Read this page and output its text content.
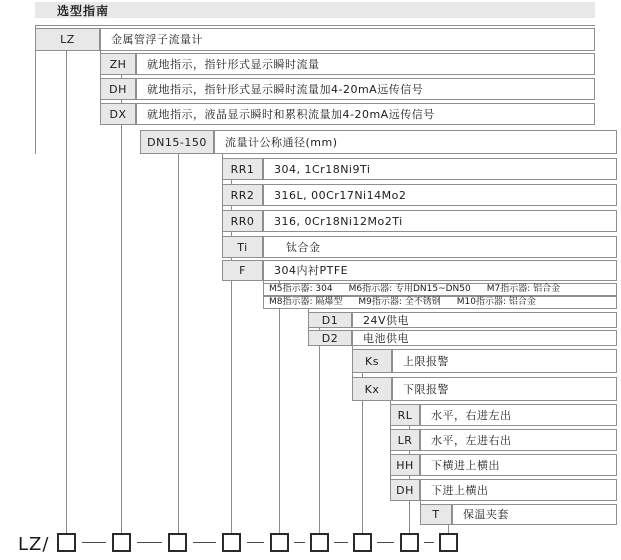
选型指南
LZ	金属管浮子流量计
ZH	就地指示，指针形式显示瞬时流量
DH	就地指示，指针形式显示瞬时流量加4-20mA远传信号
DX	就地指示，液晶显示瞬时和累积流量加4-20mA远传信号
DN15-150	流量计公称通径(mm)
RR1	304, 1Cr18Ni9Ti
RR2	316L, 00Cr17Ni14Mo2
RR0	316, 0Cr18Ni12Mo2Ti
Ti	钛合金
F	304内衬PTFE
M5指示器: 304 M6指示器: 专用DN15~DN50 M7指示器: 铝合金
M8指示器: 隔爆型 M9指示器: 全不锈钢 M10指示器: 铝合金
D1	24V供电
D2	电池供电
Ks	上限报警
Kx	下限报警
RL	水平，右进左出
LR	水平，左进右出
HH	下横进上横出
DH	下进上横出
T	保温夹套
LZ/
